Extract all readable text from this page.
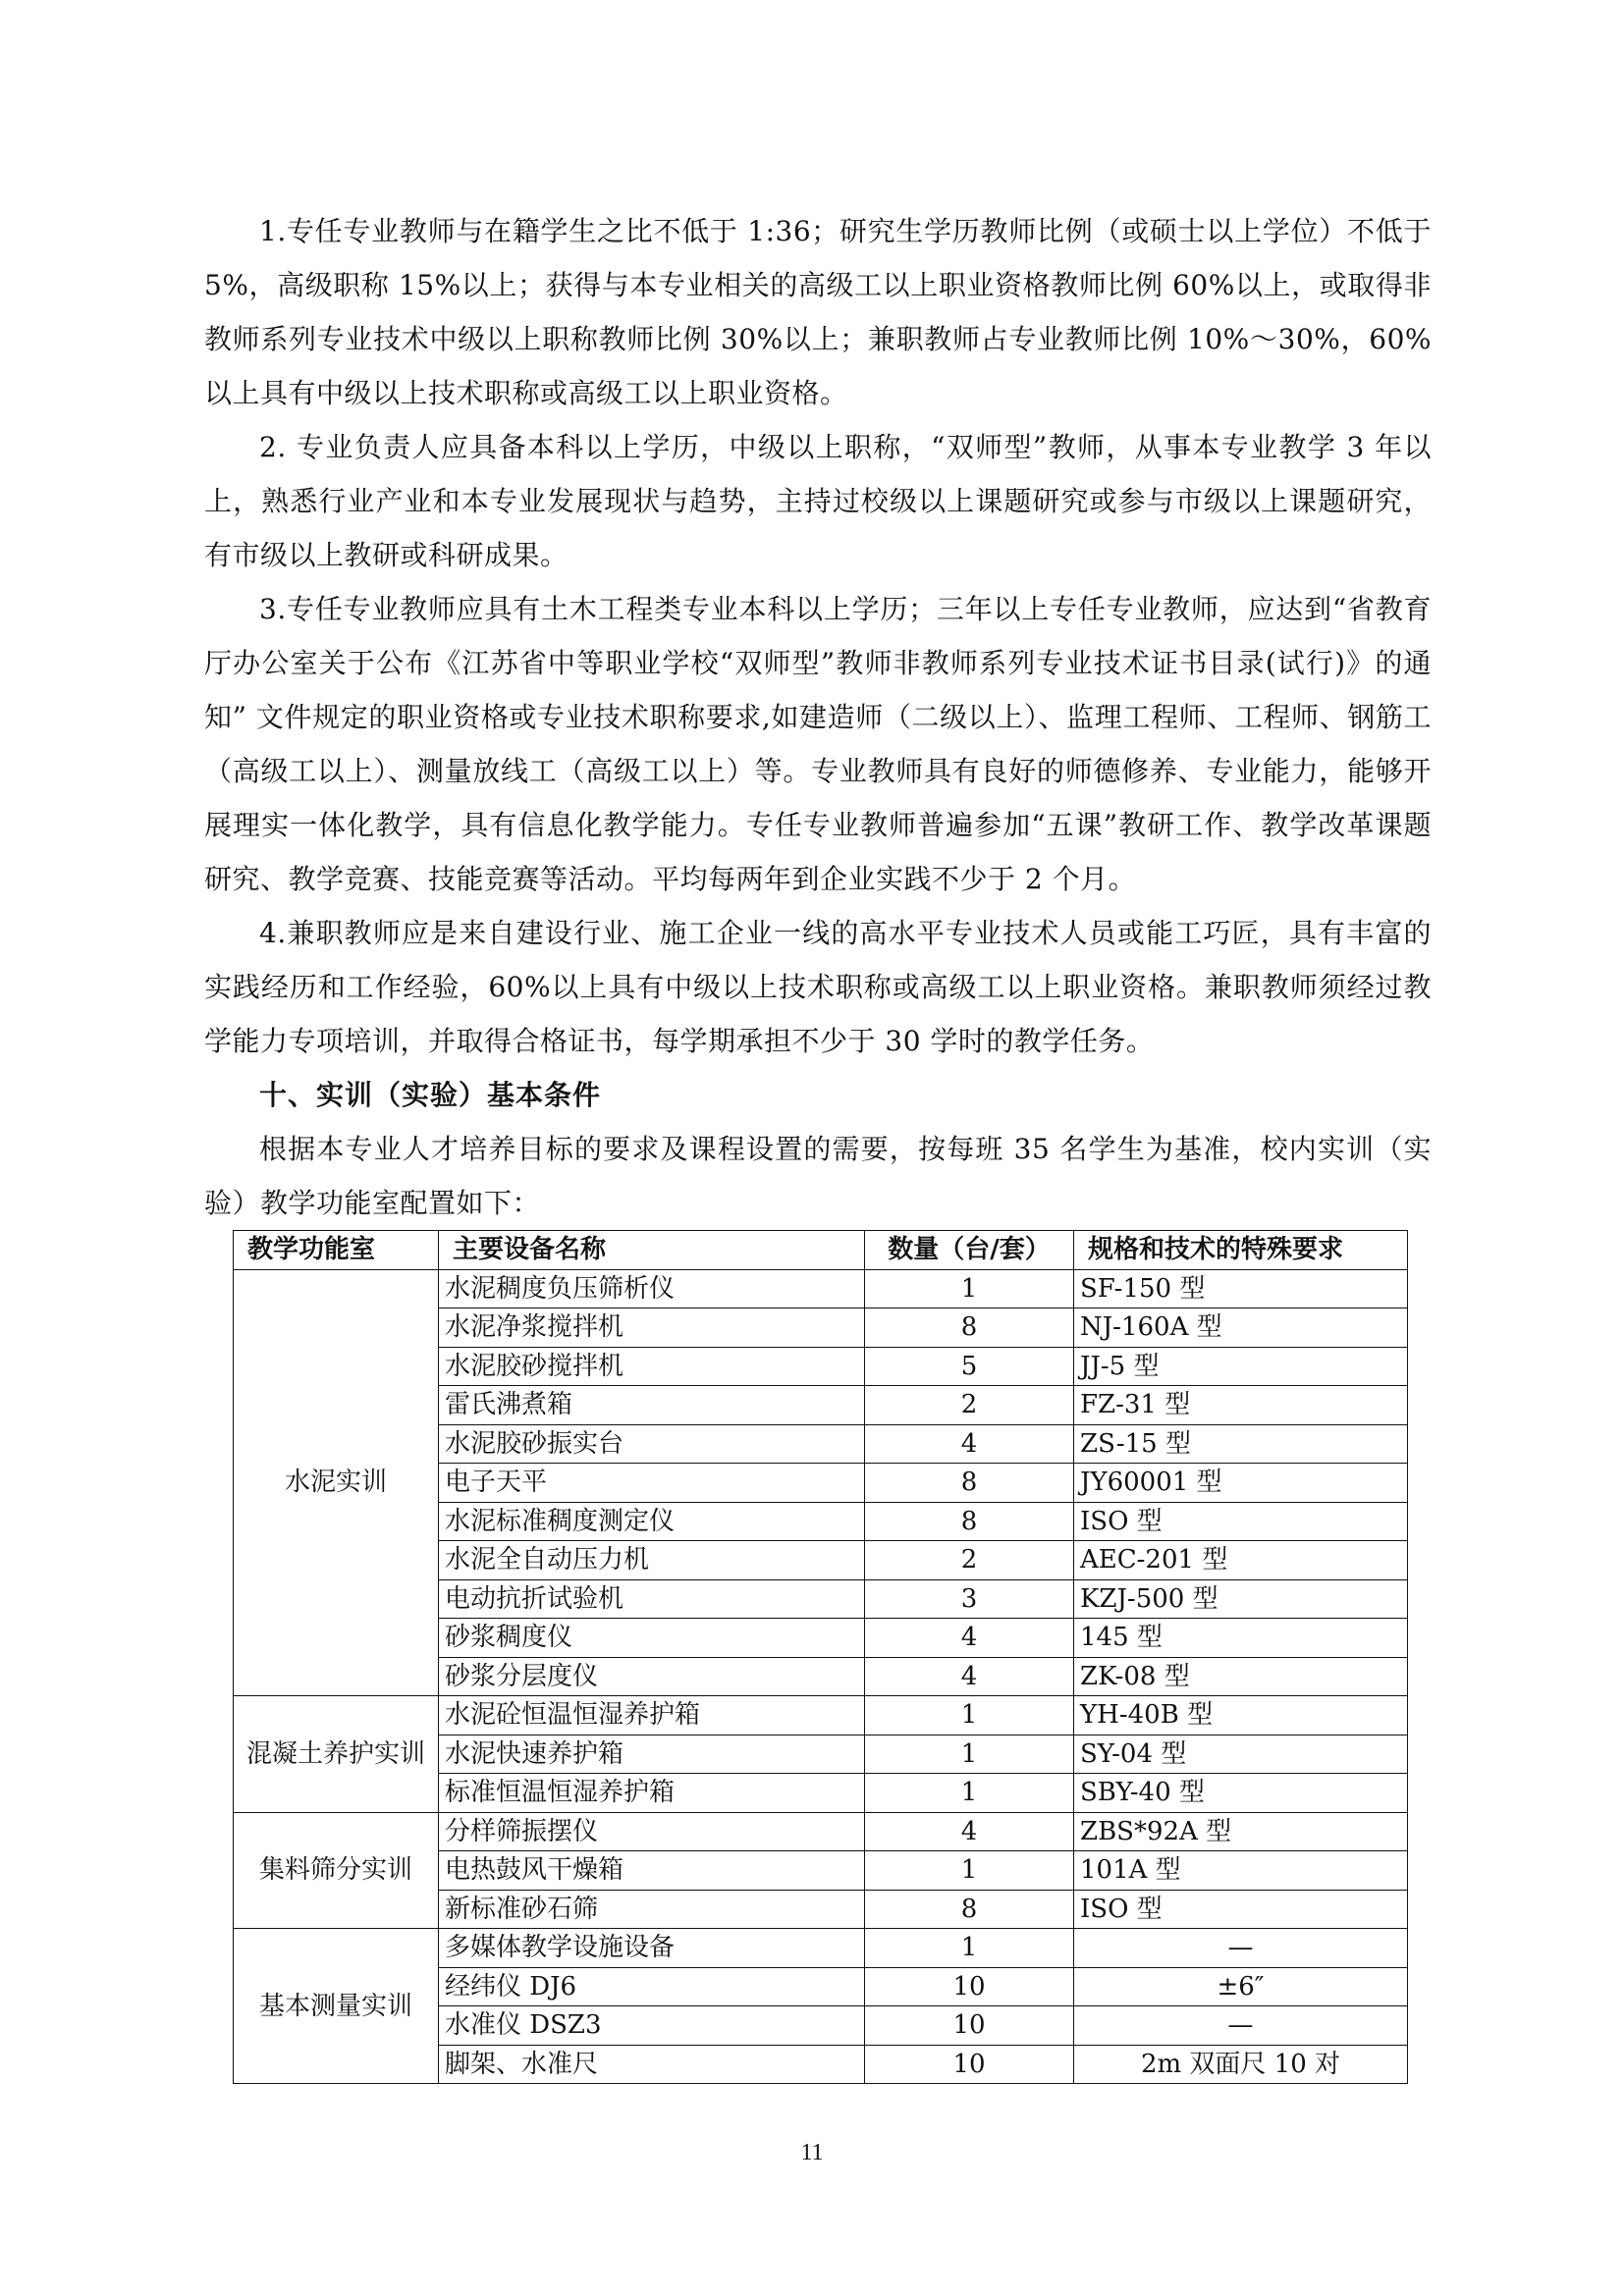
1.专任专业教师与在籍学生之比不低于 1:36；研究生学历教师比例（或硕士以上学位）不低于 5%，高级职称 15%以上；获得与本专业相关的高级工以上职业资格教师比例 60%以上，或取得非教师系列专业技术中级以上职称教师比例 30%以上；兼职教师占专业教师比例 10%～30%，60%以上具有中级以上技术职称或高级工以上职业资格。

2. 专业负责人应具备本科以上学历，中级以上职称，“双师型”教师，从事本专业教学 3 年以上，熟悉行业产业和本专业发展现状与趋势，主持过校级以上课题研究或参与市级以上课题研究，有市级以上教研或科研成果。

3.专任专业教师应具有土木工程类专业本科以上学历；三年以上专任专业教师，应达到“省教育厅办公室关于公布《江苏省中等职业学校“双师型”教师非教师系列专业技术证书目录(试行)》的通知” 文件规定的职业资格或专业技术职称要求,如建造师（二级以上）、监理工程师、工程师、钢筋工（高级工以上）、测量放线工（高级工以上）等。专业教师具有良好的师德修养、专业能力，能够开展理实一体化教学，具有信息化教学能力。专任专业教师普遍参加“五课”教研工作、教学改革课题研究、教学竞赛、技能竞赛等活动。平均每两年到企业实践不少于 2 个月。

4.兼职教师应是来自建设行业、施工企业一线的高水平专业技术人员或能工巧匠，具有丰富的实践经历和工作经验，60%以上具有中级以上技术职称或高级工以上职业资格。兼职教师须经过教学能力专项培训，并取得合格证书，每学期承担不少于 30 学时的教学任务。

十、实训（实验）基本条件

根据本专业人才培养目标的要求及课程设置的需要，按每班 35 名学生为基准，校内实训（实验）教学功能室配置如下：

教学功能室	主要设备名称	数量（台/套）	规格和技术的特殊要求
水泥实训	水泥稠度负压筛析仪	1	SF-150 型
	水泥净浆搅拌机	8	NJ-160A 型
	水泥胶砂搅拌机	5	JJ-5 型
	雷氏沸煮箱	2	FZ-31 型
	水泥胶砂振实台	4	ZS-15 型
	电子天平	8	JY60001 型
	水泥标准稠度测定仪	8	ISO 型
	水泥全自动压力机	2	AEC-201 型
	电动抗折试验机	3	KZJ-500 型
	砂浆稠度仪	4	145 型
	砂浆分层度仪	4	ZK-08 型
混凝土养护实训	水泥砼恒温恒湿养护箱	1	YH-40B 型
	水泥快速养护箱	1	SY-04 型
	标准恒温恒湿养护箱	1	SBY-40 型
集料筛分实训	分样筛振摆仪	4	ZBS*92A 型
	电热鼓风干燥箱	1	101A 型
	新标准砂石筛	8	ISO 型
基本测量实训	多媒体教学设施设备	1	—
	经纬仪 DJ6	10	±6″
	水准仪 DSZ3	10	—
	脚架、水准尺	10	2m 双面尺 10 对
11
